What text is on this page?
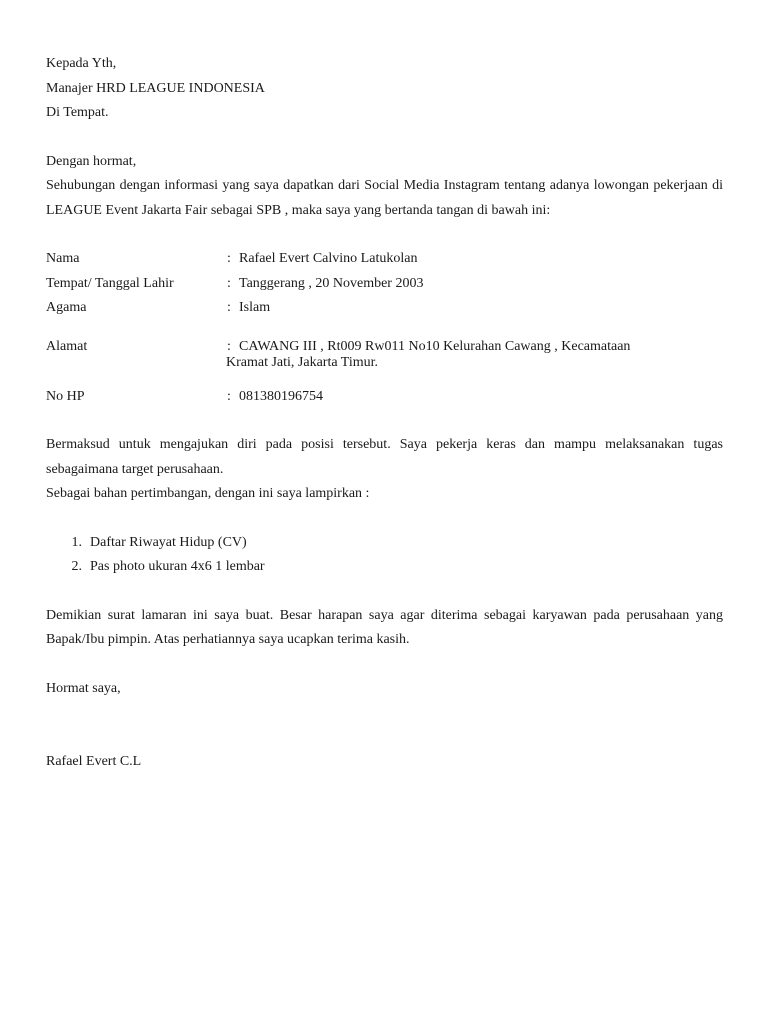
Kepada Yth,
Manajer HRD LEAGUE INDONESIA
Di Tempat.
Dengan hormat,
Sehubungan dengan informasi yang saya dapatkan dari Social Media Instagram tentang adanya lowongan pekerjaan di LEAGUE Event Jakarta Fair sebagai SPB , maka saya yang bertanda tangan di bawah ini:
Nama	: Rafael Evert Calvino Latukolan
Tempat/ Tanggal Lahir	: Tanggerang , 20 November 2003
Agama	: Islam
Alamat	: CAWANG III , Rt009 Rw011 No10 Kelurahan Cawang , Kecamataan
Kramat Jati, Jakarta Timur.
No HP	: 081380196754
Bermaksud untuk mengajukan diri pada posisi tersebut. Saya pekerja keras dan mampu melaksanakan tugas sebagaimana target perusahaan.
Sebagai bahan pertimbangan, dengan ini saya lampirkan :
1. Daftar Riwayat Hidup (CV)
2. Pas photo ukuran 4x6 1 lembar
Demikian surat lamaran ini saya buat. Besar harapan saya agar diterima sebagai karyawan pada perusahaan yang Bapak/Ibu pimpin. Atas perhatiannya saya ucapkan terima kasih.
Hormat saya,
Rafael Evert C.L
